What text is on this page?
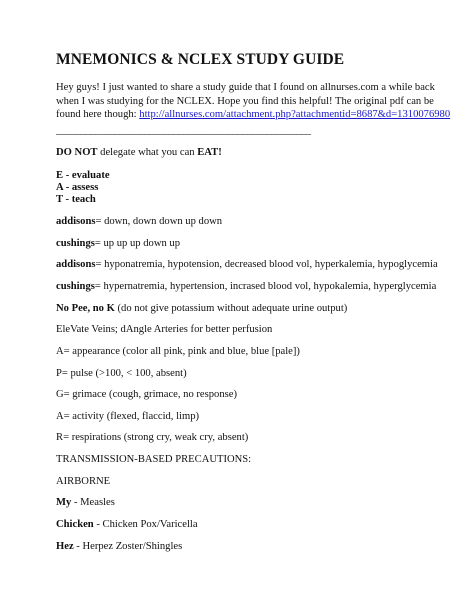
MNEMONICS & NCLEX STUDY GUIDE
Hey guys! I just wanted to share a study guide that I found on allnurses.com a while back when I was studying for the NCLEX. Hope you find this helpful! The original pdf can be found here though: http://allnurses.com/attachment.php?attachmentid=8687&d=1310076980
____________________________________________________
DO NOT delegate what you can EAT!
E - evaluate
A - assess
T - teach
addisons= down, down down up down
cushings= up up up down up
addisons= hyponatremia, hypotension, decreased blood vol, hyperkalemia, hypoglycemia
cushings= hypernatremia, hypertension, incrased blood vol, hypokalemia, hyperglycemia
No Pee, no K (do not give potassium without adequate urine output)
EleVate Veins; dAngle Arteries for better perfusion
A= appearance (color all pink, pink and blue, blue [pale])
P= pulse (>100, < 100, absent)
G= grimace (cough, grimace, no response)
A= activity (flexed, flaccid, limp)
R= respirations (strong cry, weak cry, absent)
TRANSMISSION-BASED PRECAUTIONS:
AIRBORNE
My - Measles
Chicken - Chicken Pox/Varicella
Hez - Herpez Zoster/Shingles
